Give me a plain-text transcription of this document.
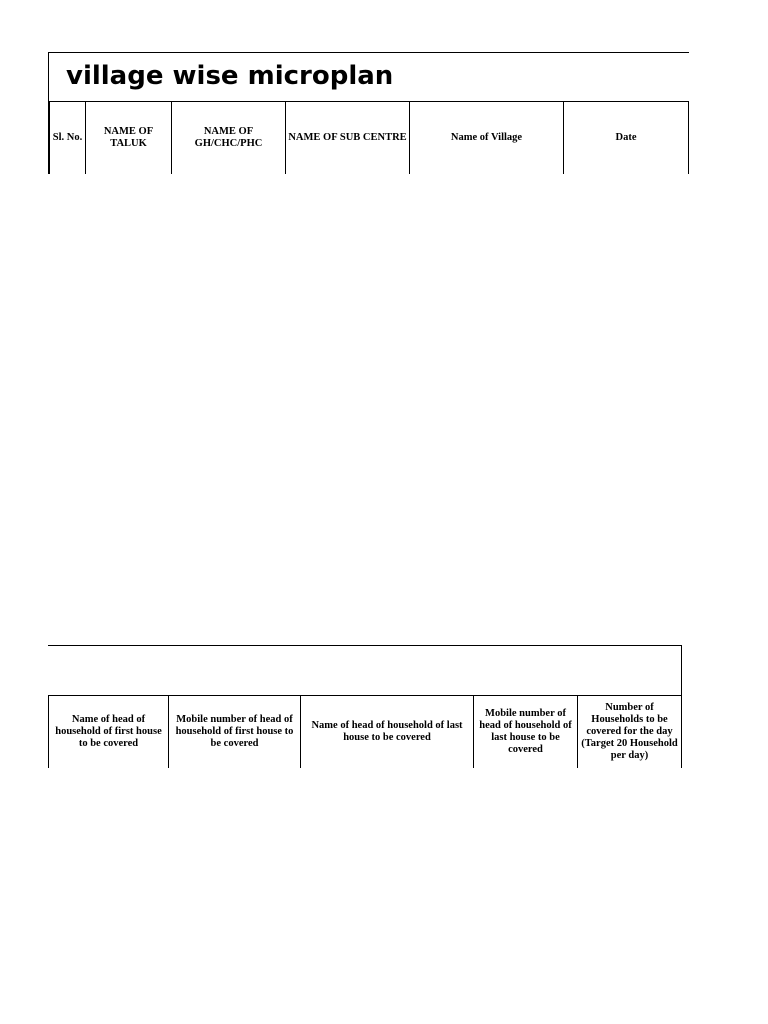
village wise microplan
Sl. No.
NAME OF TALUK
NAME OF GH/CHC/PHC
NAME OF SUB CENTRE	Name of Village	Date
Name of head of household of first house to be covered
Mobile number of head of household of first house to be covered
Name of head of household of last house to be covered
Mobile number of head of household of last house to be covered
Number of Households to be covered for the day (Target 20 Household per day)
